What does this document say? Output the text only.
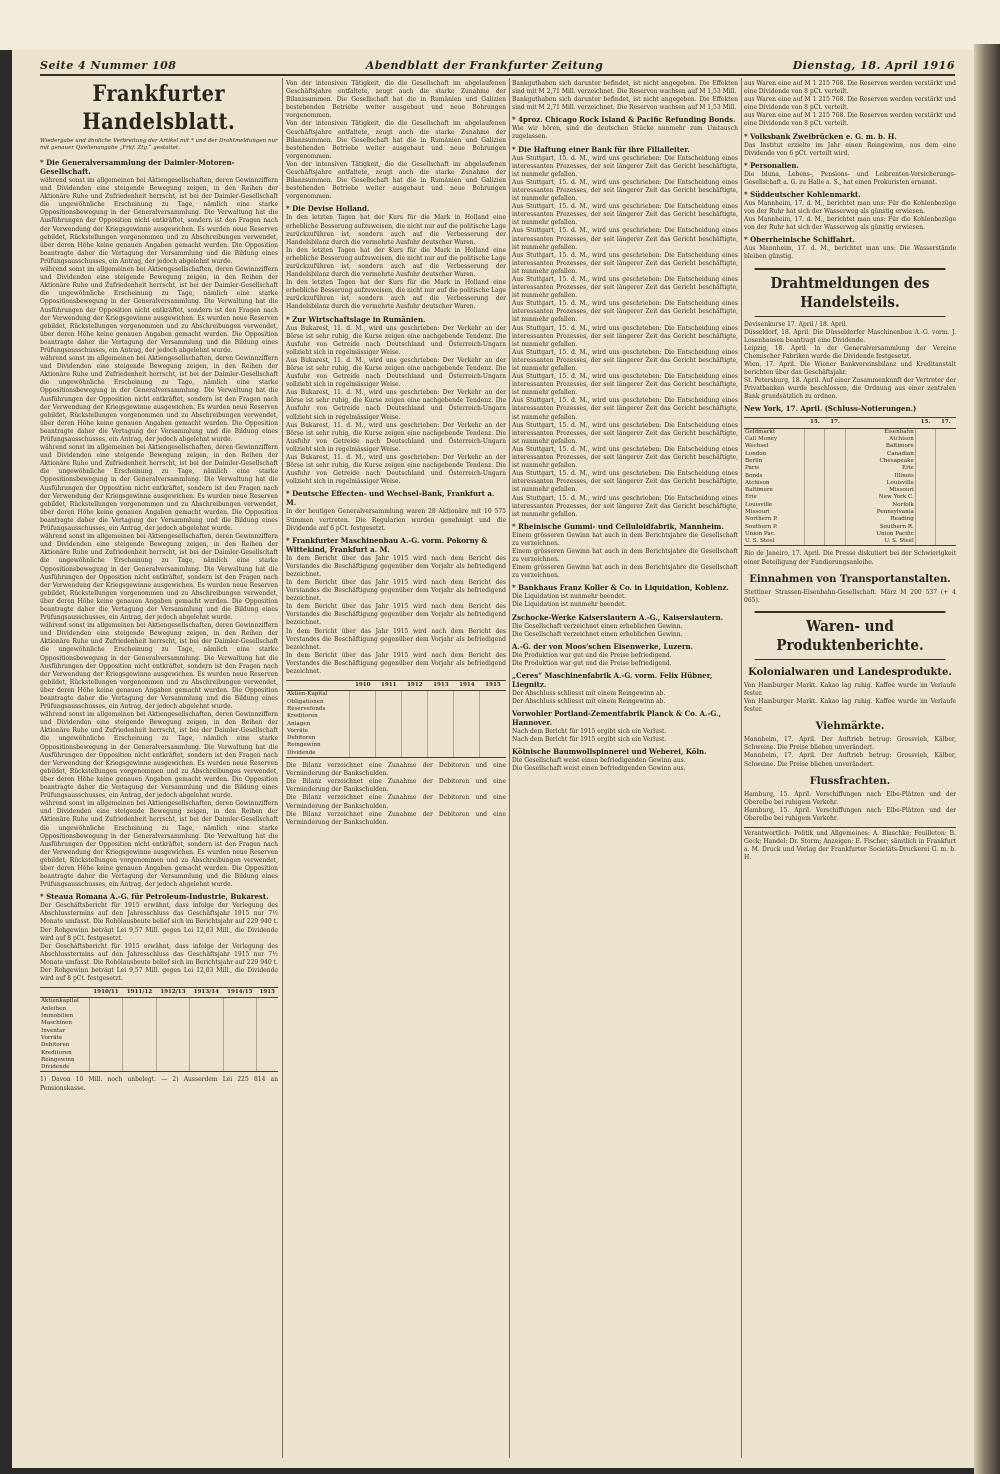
Seite 4 Nummer 108	Abendblatt der Frankfurter Zeitung	Dienstag, 18. April 1916
Frankfurter Handelsblatt.
Wiedergabe und ähnliche Verbreitung der Artikel mit * und der Drahtmeldungen nur mit genauer Quellenangabe „Frkf. Ztg.“ gestattet.
* Die Generalversammlung der Daimler-Motoren-Gesellschaft.

während sonst im allgemeinen bei Aktiengesellschaften, deren Gewinnziffern und Dividenden eine steigende Bewegung zeigen, in den Reihen der Aktionäre Ruhe und Zufriedenheit herrscht, ist bei der Daimler-Gesellschaft die ungewöhnliche Erscheinung zu Tage, nämlich eine starke Oppositionsbewegung in der Generalversammlung. Die Verwaltung hat die Ausführungen der Opposition nicht entkräftet, sondern ist den Fragen nach der Verwendung der Kriegsgewinne ausgewichen. Es wurden neue Reserven gebildet, Rückstellungen vorgenommen und zu Abschreibungen verwendet, über deren Höhe keine genauen Angaben gemacht wurden. Die Opposition beantragte daher die Vertagung der Versammlung und die Bildung eines Prüfungsausschusses, ein Antrag, der jedoch abgelehnt wurde.

während sonst im allgemeinen bei Aktiengesellschaften, deren Gewinnziffern und Dividenden eine steigende Bewegung zeigen, in den Reihen der Aktionäre Ruhe und Zufriedenheit herrscht, ist bei der Daimler-Gesellschaft die ungewöhnliche Erscheinung zu Tage, nämlich eine starke Oppositionsbewegung in der Generalversammlung. Die Verwaltung hat die Ausführungen der Opposition nicht entkräftet, sondern ist den Fragen nach der Verwendung der Kriegsgewinne ausgewichen. Es wurden neue Reserven gebildet, Rückstellungen vorgenommen und zu Abschreibungen verwendet, über deren Höhe keine genauen Angaben gemacht wurden. Die Opposition beantragte daher die Vertagung der Versammlung und die Bildung eines Prüfungsausschusses, ein Antrag, der jedoch abgelehnt wurde.

während sonst im allgemeinen bei Aktiengesellschaften, deren Gewinnziffern und Dividenden eine steigende Bewegung zeigen, in den Reihen der Aktionäre Ruhe und Zufriedenheit herrscht, ist bei der Daimler-Gesellschaft die ungewöhnliche Erscheinung zu Tage, nämlich eine starke Oppositionsbewegung in der Generalversammlung. Die Verwaltung hat die Ausführungen der Opposition nicht entkräftet, sondern ist den Fragen nach der Verwendung der Kriegsgewinne ausgewichen. Es wurden neue Reserven gebildet, Rückstellungen vorgenommen und zu Abschreibungen verwendet, über deren Höhe keine genauen Angaben gemacht wurden. Die Opposition beantragte daher die Vertagung der Versammlung und die Bildung eines Prüfungsausschusses, ein Antrag, der jedoch abgelehnt wurde.

während sonst im allgemeinen bei Aktiengesellschaften, deren Gewinnziffern und Dividenden eine steigende Bewegung zeigen, in den Reihen der Aktionäre Ruhe und Zufriedenheit herrscht, ist bei der Daimler-Gesellschaft die ungewöhnliche Erscheinung zu Tage, nämlich eine starke Oppositionsbewegung in der Generalversammlung. Die Verwaltung hat die Ausführungen der Opposition nicht entkräftet, sondern ist den Fragen nach der Verwendung der Kriegsgewinne ausgewichen. Es wurden neue Reserven gebildet, Rückstellungen vorgenommen und zu Abschreibungen verwendet, über deren Höhe keine genauen Angaben gemacht wurden. Die Opposition beantragte daher die Vertagung der Versammlung und die Bildung eines Prüfungsausschusses, ein Antrag, der jedoch abgelehnt wurde.

während sonst im allgemeinen bei Aktiengesellschaften, deren Gewinnziffern und Dividenden eine steigende Bewegung zeigen, in den Reihen der Aktionäre Ruhe und Zufriedenheit herrscht, ist bei der Daimler-Gesellschaft die ungewöhnliche Erscheinung zu Tage, nämlich eine starke Oppositionsbewegung in der Generalversammlung. Die Verwaltung hat die Ausführungen der Opposition nicht entkräftet, sondern ist den Fragen nach der Verwendung der Kriegsgewinne ausgewichen. Es wurden neue Reserven gebildet, Rückstellungen vorgenommen und zu Abschreibungen verwendet, über deren Höhe keine genauen Angaben gemacht wurden. Die Opposition beantragte daher die Vertagung der Versammlung und die Bildung eines Prüfungsausschusses, ein Antrag, der jedoch abgelehnt wurde.

während sonst im allgemeinen bei Aktiengesellschaften, deren Gewinnziffern und Dividenden eine steigende Bewegung zeigen, in den Reihen der Aktionäre Ruhe und Zufriedenheit herrscht, ist bei der Daimler-Gesellschaft die ungewöhnliche Erscheinung zu Tage, nämlich eine starke Oppositionsbewegung in der Generalversammlung. Die Verwaltung hat die Ausführungen der Opposition nicht entkräftet, sondern ist den Fragen nach der Verwendung der Kriegsgewinne ausgewichen. Es wurden neue Reserven gebildet, Rückstellungen vorgenommen und zu Abschreibungen verwendet, über deren Höhe keine genauen Angaben gemacht wurden. Die Opposition beantragte daher die Vertagung der Versammlung und die Bildung eines Prüfungsausschusses, ein Antrag, der jedoch abgelehnt wurde.

während sonst im allgemeinen bei Aktiengesellschaften, deren Gewinnziffern und Dividenden eine steigende Bewegung zeigen, in den Reihen der Aktionäre Ruhe und Zufriedenheit herrscht, ist bei der Daimler-Gesellschaft die ungewöhnliche Erscheinung zu Tage, nämlich eine starke Oppositionsbewegung in der Generalversammlung. Die Verwaltung hat die Ausführungen der Opposition nicht entkräftet, sondern ist den Fragen nach der Verwendung der Kriegsgewinne ausgewichen. Es wurden neue Reserven gebildet, Rückstellungen vorgenommen und zu Abschreibungen verwendet, über deren Höhe keine genauen Angaben gemacht wurden. Die Opposition beantragte daher die Vertagung der Versammlung und die Bildung eines Prüfungsausschusses, ein Antrag, der jedoch abgelehnt wurde.

während sonst im allgemeinen bei Aktiengesellschaften, deren Gewinnziffern und Dividenden eine steigende Bewegung zeigen, in den Reihen der Aktionäre Ruhe und Zufriedenheit herrscht, ist bei der Daimler-Gesellschaft die ungewöhnliche Erscheinung zu Tage, nämlich eine starke Oppositionsbewegung in der Generalversammlung. Die Verwaltung hat die Ausführungen der Opposition nicht entkräftet, sondern ist den Fragen nach der Verwendung der Kriegsgewinne ausgewichen. Es wurden neue Reserven gebildet, Rückstellungen vorgenommen und zu Abschreibungen verwendet, über deren Höhe keine genauen Angaben gemacht wurden. Die Opposition beantragte daher die Vertagung der Versammlung und die Bildung eines Prüfungsausschusses, ein Antrag, der jedoch abgelehnt wurde.

* Steaua Romana A.-G. für Petroleum-Industrie, Bukarest.

Der Geschäftsbericht für 1915 erwähnt, dass infolge der Verlegung des Abschlusstermins auf den Jahresschluss das Geschäftsjahr 1915 nur 7½ Monate umfasst. Die Rohölausbeute belief sich im Berichtsjahr auf 229 940 t. Der Rohgewinn beträgt Lei 9,57 Mill. gegen Lei 12,03 Mill., die Dividende wird auf 8 pCt. festgesetzt.

Der Geschäftsbericht für 1915 erwähnt, dass infolge der Verlegung des Abschlusstermins auf den Jahresschluss das Geschäftsjahr 1915 nur 7½ Monate umfasst. Die Rohölausbeute belief sich im Berichtsjahr auf 229 940 t. Der Rohgewinn beträgt Lei 9,57 Mill. gegen Lei 12,03 Mill., die Dividende wird auf 8 pCt. festgesetzt.

	1910/11	1911/12	1912/13	1913/14	1914/15	1915
Aktienkapital						
Anleihen						
Immobilien						
Maschinen						
Inventar						
Vorräte						
Debitoren						
Kreditoren						
Reingewinn						
Dividende						
1) Davon 10 Mill. noch unbelegt. — 2) Ausserdem Lei 225 814 an Pensionskasse.

Von der intensiven Tätigkeit, die die Gesellschaft im abgelaufenen Geschäftsjahre entfaltete, zeugt auch die starke Zunahme der Bilanzsummen. Die Gesellschaft hat die in Rumänien und Galizien bestehenden Betriebe weiter ausgebaut und neue Bohrungen vorgenommen.

Von der intensiven Tätigkeit, die die Gesellschaft im abgelaufenen Geschäftsjahre entfaltete, zeugt auch die starke Zunahme der Bilanzsummen. Die Gesellschaft hat die in Rumänien und Galizien bestehenden Betriebe weiter ausgebaut und neue Bohrungen vorgenommen.

Von der intensiven Tätigkeit, die die Gesellschaft im abgelaufenen Geschäftsjahre entfaltete, zeugt auch die starke Zunahme der Bilanzsummen. Die Gesellschaft hat die in Rumänien und Galizien bestehenden Betriebe weiter ausgebaut und neue Bohrungen vorgenommen.

* Die Devise Holland.

In den letzten Tagen hat der Kurs für die Mark in Holland eine erhebliche Besserung aufzuweisen, die nicht nur auf die politische Lage zurückzuführen ist, sondern auch auf die Verbesserung der Handelsbilanz durch die vermehrte Ausfuhr deutscher Waren.

In den letzten Tagen hat der Kurs für die Mark in Holland eine erhebliche Besserung aufzuweisen, die nicht nur auf die politische Lage zurückzuführen ist, sondern auch auf die Verbesserung der Handelsbilanz durch die vermehrte Ausfuhr deutscher Waren.

In den letzten Tagen hat der Kurs für die Mark in Holland eine erhebliche Besserung aufzuweisen, die nicht nur auf die politische Lage zurückzuführen ist, sondern auch auf die Verbesserung der Handelsbilanz durch die vermehrte Ausfuhr deutscher Waren.

* Zur Wirtschaftslage in Rumänien.

Aus Bukarest, 11. d. M., wird uns geschrieben: Der Verkehr an der Börse ist sehr ruhig, die Kurse zeigen eine nachgebende Tendenz. Die Ausfuhr von Getreide nach Deutschland und Österreich-Ungarn vollzieht sich in regelmässiger Weise.

Aus Bukarest, 11. d. M., wird uns geschrieben: Der Verkehr an der Börse ist sehr ruhig, die Kurse zeigen eine nachgebende Tendenz. Die Ausfuhr von Getreide nach Deutschland und Österreich-Ungarn vollzieht sich in regelmässiger Weise.

Aus Bukarest, 11. d. M., wird uns geschrieben: Der Verkehr an der Börse ist sehr ruhig, die Kurse zeigen eine nachgebende Tendenz. Die Ausfuhr von Getreide nach Deutschland und Österreich-Ungarn vollzieht sich in regelmässiger Weise.

Aus Bukarest, 11. d. M., wird uns geschrieben: Der Verkehr an der Börse ist sehr ruhig, die Kurse zeigen eine nachgebende Tendenz. Die Ausfuhr von Getreide nach Deutschland und Österreich-Ungarn vollzieht sich in regelmässiger Weise.

Aus Bukarest, 11. d. M., wird uns geschrieben: Der Verkehr an der Börse ist sehr ruhig, die Kurse zeigen eine nachgebende Tendenz. Die Ausfuhr von Getreide nach Deutschland und Österreich-Ungarn vollzieht sich in regelmässiger Weise.

* Deutsche Effecten- und Wechsel-Bank, Frankfurt a. M.

In der heutigen Generalversammlung waren 28 Aktionäre mit 10 575 Stimmen vertreten. Die Regularien wurden genehmigt und die Dividende auf 6 pCt. festgesetzt.

* Frankfurter Maschinenbau A.-G. vorm. Pokorny & Wittekind, Frankfurt a. M.

In dem Bericht über das Jahr 1915 wird nach dem Bericht des Vorstandes die Beschäftigung gegenüber dem Vorjahr als befriedigend bezeichnet.

In dem Bericht über das Jahr 1915 wird nach dem Bericht des Vorstandes die Beschäftigung gegenüber dem Vorjahr als befriedigend bezeichnet.

In dem Bericht über das Jahr 1915 wird nach dem Bericht des Vorstandes die Beschäftigung gegenüber dem Vorjahr als befriedigend bezeichnet.

In dem Bericht über das Jahr 1915 wird nach dem Bericht des Vorstandes die Beschäftigung gegenüber dem Vorjahr als befriedigend bezeichnet.

In dem Bericht über das Jahr 1915 wird nach dem Bericht des Vorstandes die Beschäftigung gegenüber dem Vorjahr als befriedigend bezeichnet.

	1910	1911	1912	1913	1914	1915
Aktien-Kapital						
Obligationen						
Reservefonds						
Kreditoren						
Anlagen						
Vorräte						
Debitoren						
Reingewinn						
Dividende						

Die Bilanz verzeichnet eine Zunahme der Debitoren und eine Verminderung der Bankschulden.

Die Bilanz verzeichnet eine Zunahme der Debitoren und eine Verminderung der Bankschulden.

Die Bilanz verzeichnet eine Zunahme der Debitoren und eine Verminderung der Bankschulden.

Die Bilanz verzeichnet eine Zunahme der Debitoren und eine Verminderung der Bankschulden.

Bankguthaben sich darunter befindet, ist nicht angegeben. Die Effekten sind mit M 2,71 Mill. verzeichnet. Die Reserven wachsen auf M 1,53 Mill.

Bankguthaben sich darunter befindet, ist nicht angegeben. Die Effekten sind mit M 2,71 Mill. verzeichnet. Die Reserven wachsen auf M 1,53 Mill.

* 4proz. Chicago Rock Island & Pacific Refunding Bonds.

Wie wir hören, sind die deutschen Stücke nunmehr zum Umtausch zugelassen.

* Die Haftung einer Bank für ihre Filialleiter.

Aus Stuttgart, 15. d. M., wird uns geschrieben: Die Entscheidung eines interessanten Prozesses, der seit längerer Zeit das Gericht beschäftigte, ist nunmehr gefallen.

Aus Stuttgart, 15. d. M., wird uns geschrieben: Die Entscheidung eines interessanten Prozesses, der seit längerer Zeit das Gericht beschäftigte, ist nunmehr gefallen.

Aus Stuttgart, 15. d. M., wird uns geschrieben: Die Entscheidung eines interessanten Prozesses, der seit längerer Zeit das Gericht beschäftigte, ist nunmehr gefallen.

Aus Stuttgart, 15. d. M., wird uns geschrieben: Die Entscheidung eines interessanten Prozesses, der seit längerer Zeit das Gericht beschäftigte, ist nunmehr gefallen.

Aus Stuttgart, 15. d. M., wird uns geschrieben: Die Entscheidung eines interessanten Prozesses, der seit längerer Zeit das Gericht beschäftigte, ist nunmehr gefallen.

Aus Stuttgart, 15. d. M., wird uns geschrieben: Die Entscheidung eines interessanten Prozesses, der seit längerer Zeit das Gericht beschäftigte, ist nunmehr gefallen.

Aus Stuttgart, 15. d. M., wird uns geschrieben: Die Entscheidung eines interessanten Prozesses, der seit längerer Zeit das Gericht beschäftigte, ist nunmehr gefallen.

Aus Stuttgart, 15. d. M., wird uns geschrieben: Die Entscheidung eines interessanten Prozesses, der seit längerer Zeit das Gericht beschäftigte, ist nunmehr gefallen.

Aus Stuttgart, 15. d. M., wird uns geschrieben: Die Entscheidung eines interessanten Prozesses, der seit längerer Zeit das Gericht beschäftigte, ist nunmehr gefallen.

Aus Stuttgart, 15. d. M., wird uns geschrieben: Die Entscheidung eines interessanten Prozesses, der seit längerer Zeit das Gericht beschäftigte, ist nunmehr gefallen.

Aus Stuttgart, 15. d. M., wird uns geschrieben: Die Entscheidung eines interessanten Prozesses, der seit längerer Zeit das Gericht beschäftigte, ist nunmehr gefallen.

Aus Stuttgart, 15. d. M., wird uns geschrieben: Die Entscheidung eines interessanten Prozesses, der seit längerer Zeit das Gericht beschäftigte, ist nunmehr gefallen.

Aus Stuttgart, 15. d. M., wird uns geschrieben: Die Entscheidung eines interessanten Prozesses, der seit längerer Zeit das Gericht beschäftigte, ist nunmehr gefallen.

Aus Stuttgart, 15. d. M., wird uns geschrieben: Die Entscheidung eines interessanten Prozesses, der seit längerer Zeit das Gericht beschäftigte, ist nunmehr gefallen.

Aus Stuttgart, 15. d. M., wird uns geschrieben: Die Entscheidung eines interessanten Prozesses, der seit längerer Zeit das Gericht beschäftigte, ist nunmehr gefallen.

* Rheinische Gummi- und Celluloidfabrik, Mannheim.

Einem grösseren Gewinn hat auch in dem Berichtsjahre die Gesellschaft zu verzeichnen.

Einem grösseren Gewinn hat auch in dem Berichtsjahre die Gesellschaft zu verzeichnen.

Einem grösseren Gewinn hat auch in dem Berichtsjahre die Gesellschaft zu verzeichnen.

* Bankhaus Franz Koller & Co. in Liquidation, Koblenz.

Die Liquidation ist nunmehr beendet.

Die Liquidation ist nunmehr beendet.

Zschocke-Werke Kaiserslautern A.-G., Kaiserslautern.

Die Gesellschaft verzeichnet einen erheblichen Gewinn.

Die Gesellschaft verzeichnet einen erheblichen Gewinn.

A.-G. der von Moos'schen Eisenwerke, Luzern.

Die Produktion war gut und die Preise befriedigend.

Die Produktion war gut und die Preise befriedigend.

„Ceres“ Maschinenfabrik A.-G. vorm. Felix Hübner, Liegnitz.

Der Abschluss schliesst mit einem Reingewinn ab.

Der Abschluss schliesst mit einem Reingewinn ab.

Vorwohler Portland-Zementfabrik Planck & Co. A.-G., Hannover.

Nach dem Bericht für 1915 ergibt sich ein Verlust.

Nach dem Bericht für 1915 ergibt sich ein Verlust.

Kölnische Baumwollspinnerei und Weberei, Köln.

Die Gesellschaft weist einen befriedigenden Gewinn aus.

Die Gesellschaft weist einen befriedigenden Gewinn aus.

aus Waren eine auf M 1 215 768. Die Reserven werden verstärkt und eine Dividende von 8 pCt. verteilt.

aus Waren eine auf M 1 215 768. Die Reserven werden verstärkt und eine Dividende von 8 pCt. verteilt.

aus Waren eine auf M 1 215 768. Die Reserven werden verstärkt und eine Dividende von 8 pCt. verteilt.

* Volksbank Zweibrücken e. G. m. b. H.

Das Institut erzielte im Jahr einen Reingewinn, aus dem eine Dividende von 6 pCt. verteilt wird.

* Personalien.

Die Iduna, Lebens-, Pensions- und Leibrenten-Versicherungs-Gesellschaft a. G. zu Halle a. S., hat einen Prokuristen ernannt.

* Süddeutscher Kohlenmarkt.

Aus Mannheim, 17. d. M., berichtet man uns: Für die Kohlenbezüge von der Ruhr hat sich der Wasserweg als günstig erwiesen.

Aus Mannheim, 17. d. M., berichtet man uns: Für die Kohlenbezüge von der Ruhr hat sich der Wasserweg als günstig erwiesen.

* Oberrheinische Schiffahrt.

Aus Mannheim, 17. d. M., berichtet man uns: Die Wasserstände bleiben günstig.

Drahtmeldungen des Handelsteils.

Devisenkurse 17. April / 18. April.

Düsseldorf, 18. April. Die Düsseldorfer Maschinenbau A.-G. vorm. J. Losenhausen beantragt eine Dividende.

Leipzig, 18. April. In der Generalversammlung der Vereine Chemischer Fabriken wurde die Dividende festgesetzt.

Wien, 17. April. Die Wiener Bankvereinsbilanz und Kreditanstalt berichten über das Geschäftsjahr.

St. Petersburg, 18. April. Auf einer Zusammenkunft der Vertreter der Privatbanken wurde beschlossen, die Ordnung aus einer zentralen Bank grundsätzlich zu ordnen.

New York, 17. April. (Schluss-Notierungen.)
	15.	17.		15.	17.
Geldmarkt			Eisenbahn		
Call Money			Atchison		
Wechsel			Baltimore		
London			Canadian		
Berlin			Chesapeake		
Paris			Erie		
Bonds			Illinois		
Atchison			Louisville		
Baltimore			Missouri		
Erie			New York C.		
Louisville			Norfolk		
Missouri			Pennsylvania		
Northern P.			Reading		
Southern P.			Southern R.		
Union Pac.			Union Pacific		
U. S. Steel			U. S. Steel		

Rio de Janeiro, 17. April. Die Presse diskutiert bei der Schwierigkeit einer Beteiligung der Fundierungsanleihe.

Einnahmen von Transportanstalten.

Stettiner Strassen-Eisenbahn-Gesellschaft. März M 200 537 (+ 4 065).

Waren- und Produktenberichte.
Kolonialwaren und Landesprodukte.

Von Hamburger Markt. Kakao lag ruhig. Kaffee wurde im Verlaufe fester.

Von Hamburger Markt. Kakao lag ruhig. Kaffee wurde im Verlaufe fester.

Viehmärkte.

Mannheim, 17. April. Der Auftrieb betrug: Grossvieh, Kälber, Schweine. Die Preise blieben unverändert.

Mannheim, 17. April. Der Auftrieb betrug: Grossvieh, Kälber, Schweine. Die Preise blieben unverändert.

Flussfrachten.

Hamburg, 15. April. Verschiffungen nach Elbe-Plätzen und der Oberelbe bei ruhigem Verkehr.

Hamburg, 15. April. Verschiffungen nach Elbe-Plätzen und der Oberelbe bei ruhigem Verkehr.

Verantwortlich: Politik und Allgemeines: A. Blaschke; Feuilleton: B. Geck; Handel: Dr. Storm; Anzeigen: E. Fischer; sämtlich in Frankfurt a. M. Druck und Verlag der Frankfurter Societäts-Druckerei G. m. b. H.
